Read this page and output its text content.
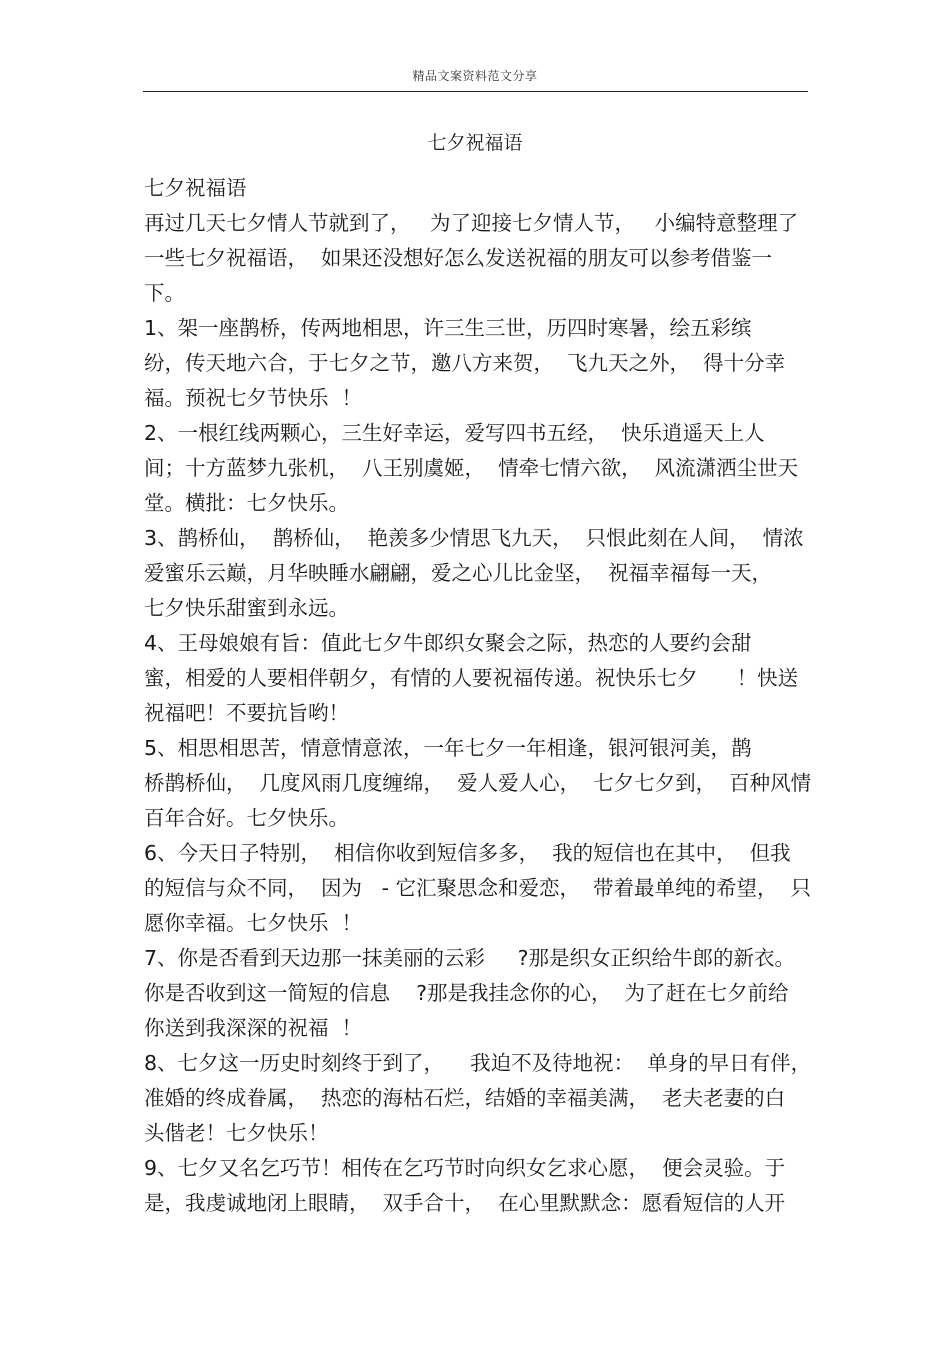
精品文案资料范文分享
七夕祝福语
七夕祝福语
再过几天七夕情人节就到了，   为了迎接七夕情人节，   小编特意整理了
一些七夕祝福语，  如果还没想好怎么发送祝福的朋友可以参考借鉴一
下。
1、架一座鹊桥，传两地相思，许三生三世，历四时寒暑，绘五彩缤
纷，传天地六合，于七夕之节，邀八方来贺，  飞九天之外，  得十分幸
福。预祝七夕节快乐  ！
2、一根红线两颗心，三生好幸运，爱写四书五经，  快乐逍遥天上人
间；十方蓝梦九张机，  八王别虞姬，  情牵七情六欲，  风流潇洒尘世天
堂。横批：七夕快乐。
3、鹊桥仙，  鹊桥仙，  艳羡多少情思飞九天，  只恨此刻在人间，  情浓
爱蜜乐云巅，月华映睡水翩翩，爱之心儿比金坚，  祝福幸福每一天，
七夕快乐甜蜜到永远。
4、王母娘娘有旨：值此七夕牛郎织女聚会之际，热恋的人要约会甜
蜜，相爱的人要相伴朝夕，有情的人要祝福传递。祝快乐七夕      ！快送
祝福吧！不要抗旨哟！
5、相思相思苦，情意情意浓，一年七夕一年相逢，银河银河美，鹊
桥鹊桥仙，  几度风雨几度缠绵，  爱人爱人心，  七夕七夕到，  百种风情
百年合好。七夕快乐。
6、今天日子特别，  相信你收到短信多多，  我的短信也在其中，  但我
的短信与众不同，  因为   - 它汇聚思念和爱恋，  带着最单纯的希望，  只
愿你幸福。七夕快乐  ！
7、你是否看到天边那一抹美丽的云彩     ?那是织女正织给牛郎的新衣。
你是否收到这一简短的信息    ?那是我挂念你的心，  为了赶在七夕前给
你送到我深深的祝福  ！
8、七夕这一历史时刻终于到了，    我迫不及待地祝：  单身的早日有伴，
准婚的终成眷属，  热恋的海枯石烂，结婚的幸福美满，  老夫老妻的白
头偕老！七夕快乐！
9、七夕又名乞巧节！相传在乞巧节时向织女乞求心愿，  便会灵验。于
是，我虔诚地闭上眼睛，  双手合十，  在心里默默念：愿看短信的人开
